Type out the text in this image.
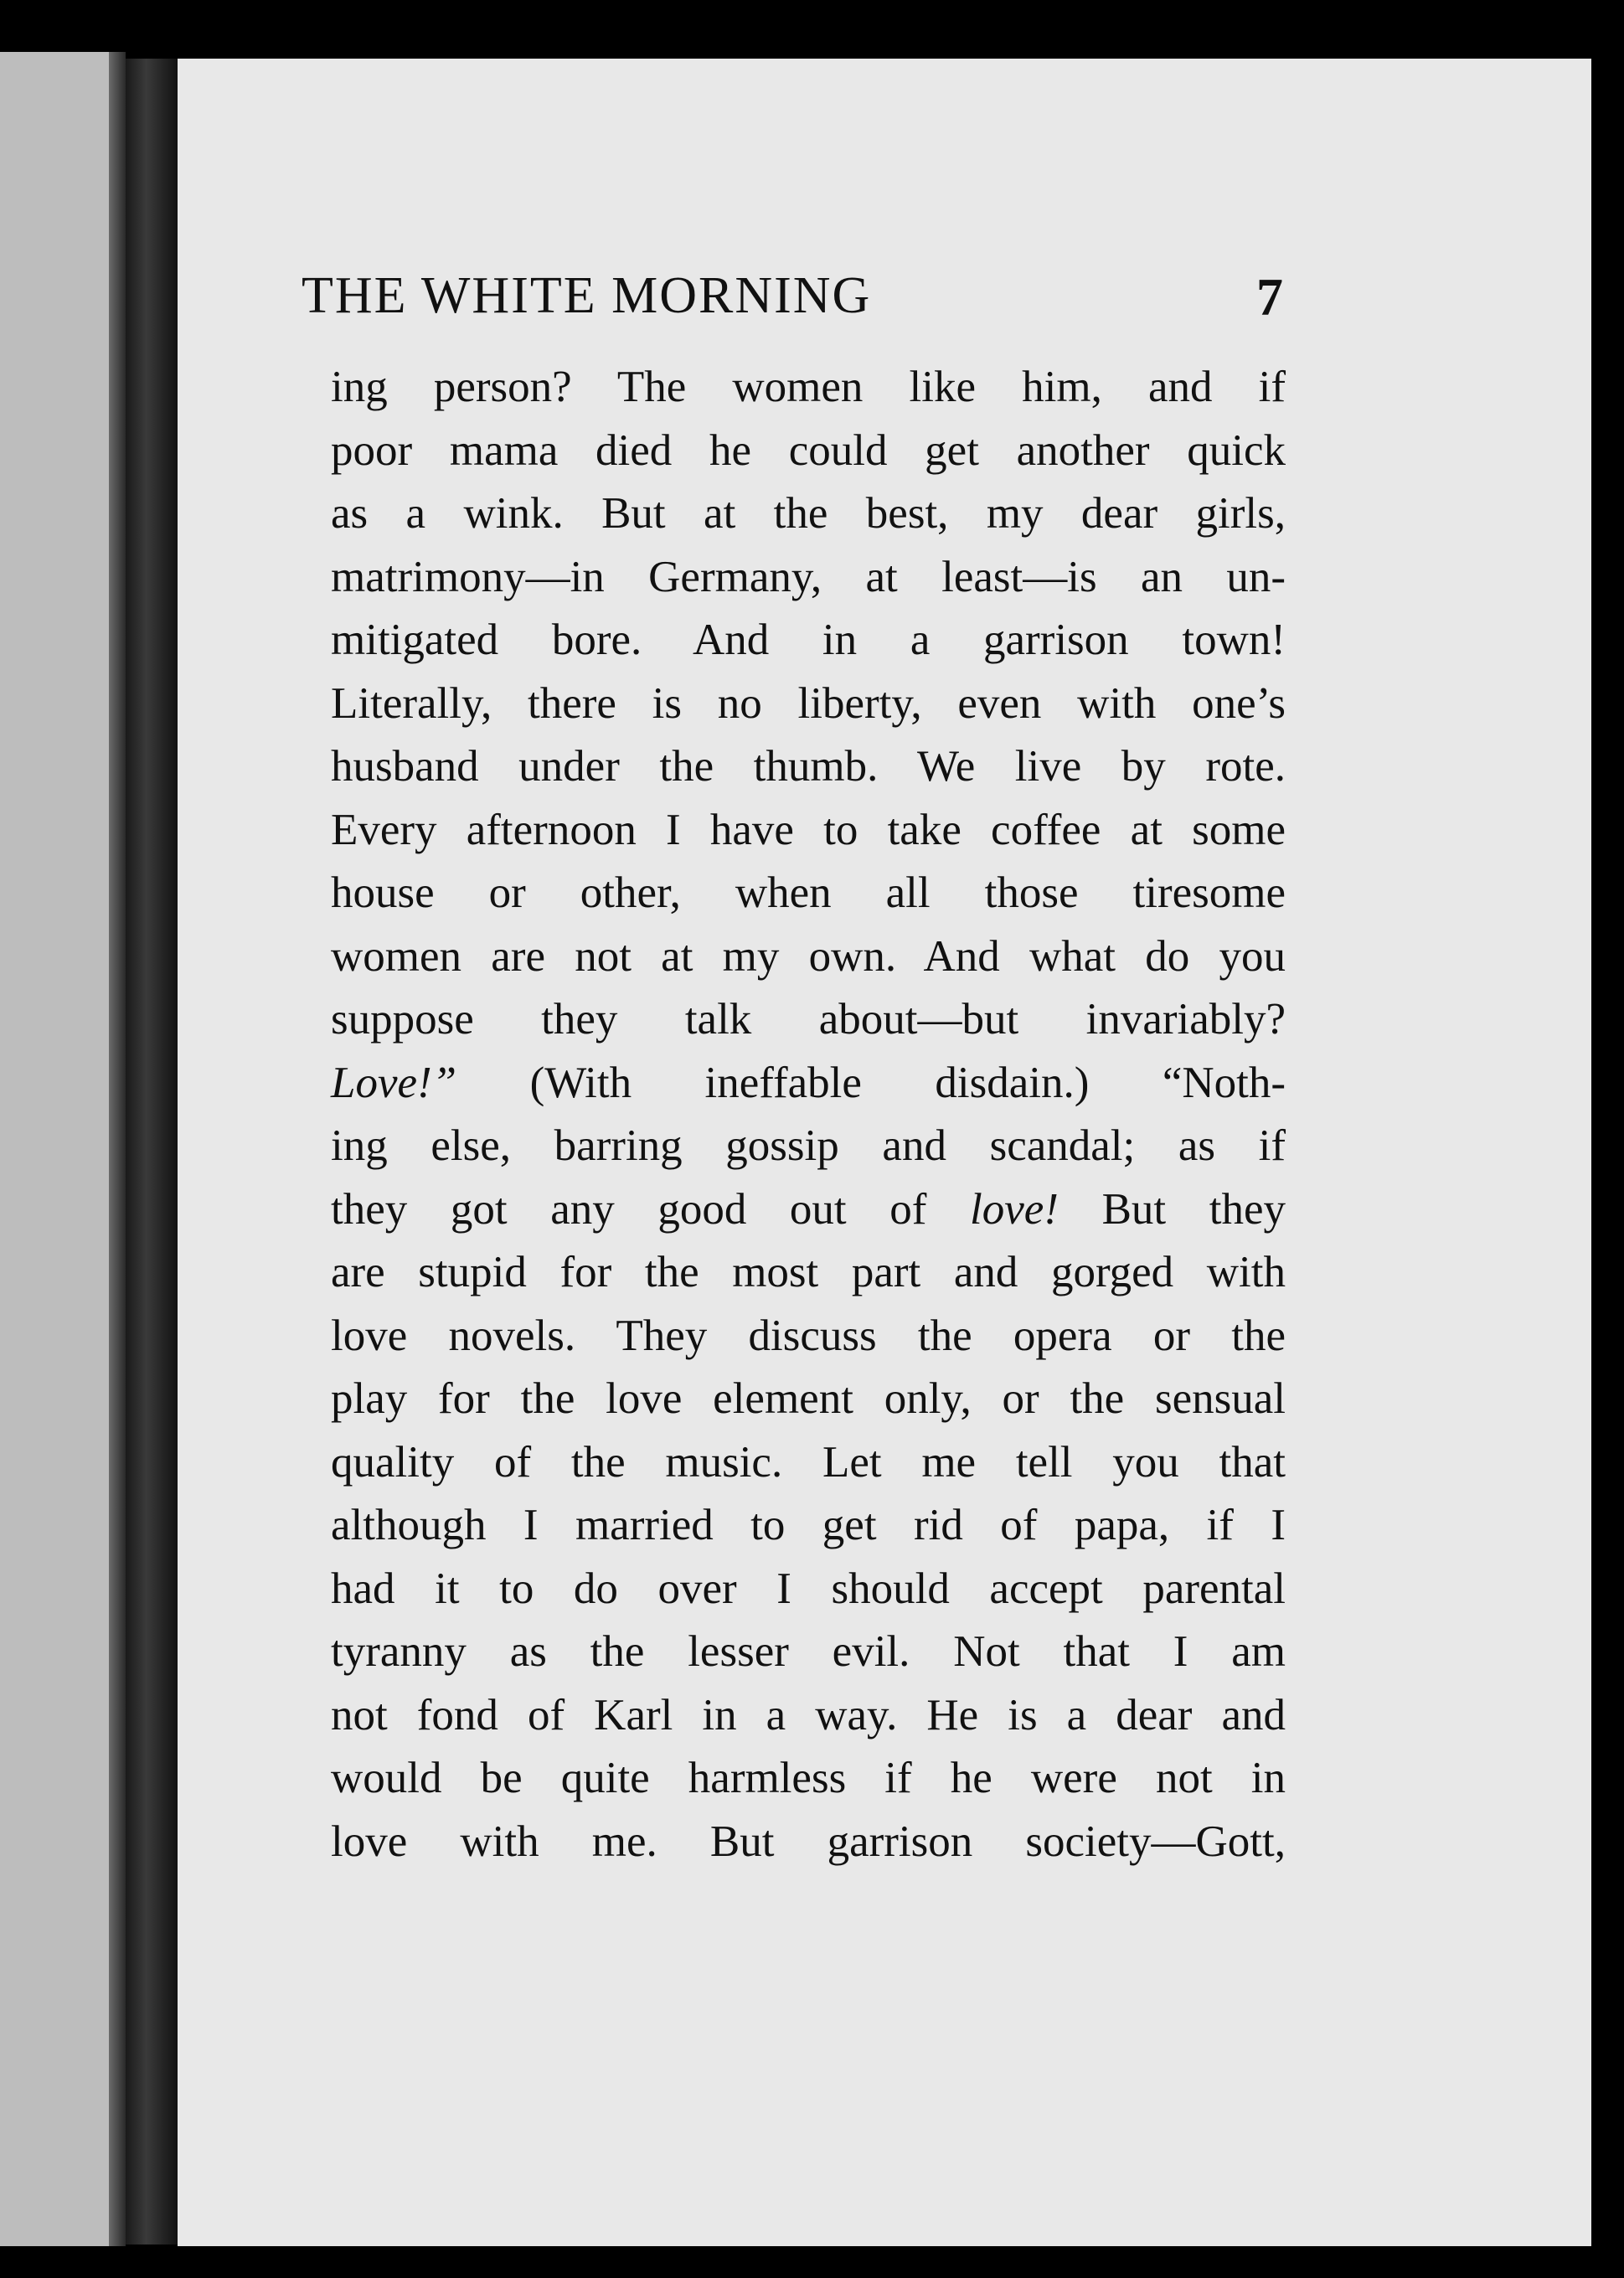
THE WHITE MORNING	7
ing person? The women like him, and if
poor mama died he could get another quick
as a wink. But at the best, my dear girls,
matrimony—in Germany, at least—is an un-
mitigated bore. And in a garrison town!
Literally, there is no liberty, even with one’s
husband under the thumb. We live by rote.
Every afternoon I have to take coffee at some
house or other, when all those tiresome
women are not at my own. And what do you
suppose they talk about—but invariably?
Love!” (With ineffable disdain.) “Noth-
ing else, barring gossip and scandal; as if
they got any good out of love! But they
are stupid for the most part and gorged with
love novels. They discuss the opera or the
play for the love element only, or the sensual
quality of the music. Let me tell you that
although I married to get rid of papa, if I
had it to do over I should accept parental
tyranny as the lesser evil. Not that I am
not fond of Karl in a way. He is a dear and
would be quite harmless if he were not in
love with me. But garrison society—Gott,
